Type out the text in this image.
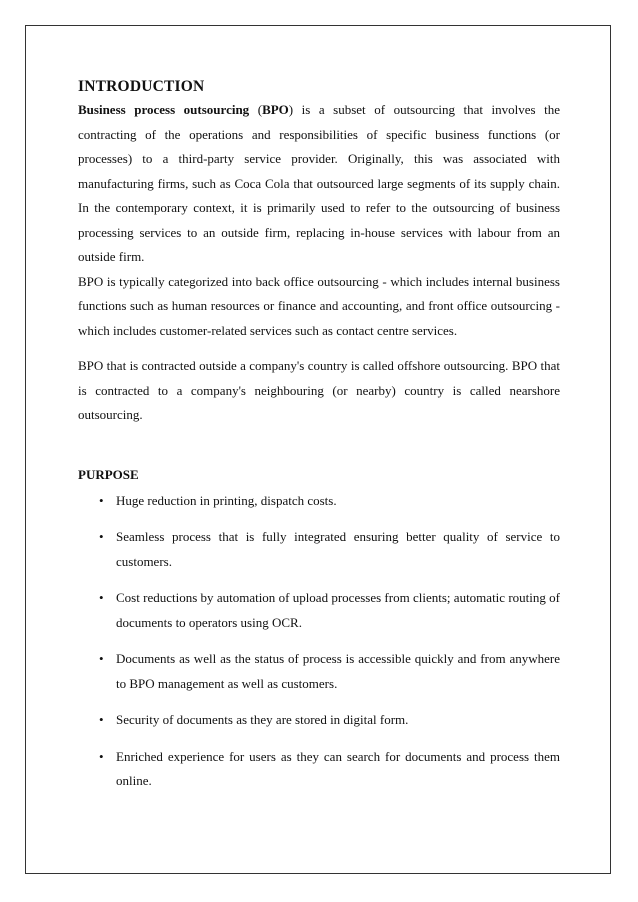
INTRODUCTION

Business process outsourcing (BPO) is a subset of outsourcing that involves the contracting of the operations and responsibilities of specific business functions (or processes) to a third-party service provider. Originally, this was associated with manufacturing firms, such as Coca Cola that outsourced large segments of its supply chain. In the contemporary context, it is primarily used to refer to the outsourcing of business processing services to an outside firm, replacing in-house services with labour from an outside firm.

BPO is typically categorized into back office outsourcing - which includes internal business functions such as human resources or finance and accounting, and front office outsourcing - which includes customer-related services such as contact centre services.

BPO that is contracted outside a company's country is called offshore outsourcing. BPO that is contracted to a company's neighbouring (or nearby) country is called nearshore outsourcing.

PURPOSE
• Huge reduction in printing, dispatch costs.
• Seamless process that is fully integrated ensuring better quality of service to customers.
• Cost reductions by automation of upload processes from clients; automatic routing of documents to operators using OCR.
• Documents as well as the status of process is accessible quickly and from anywhere to BPO management as well as customers.
• Security of documents as they are stored in digital form.
• Enriched experience for users as they can search for documents and process them online.
